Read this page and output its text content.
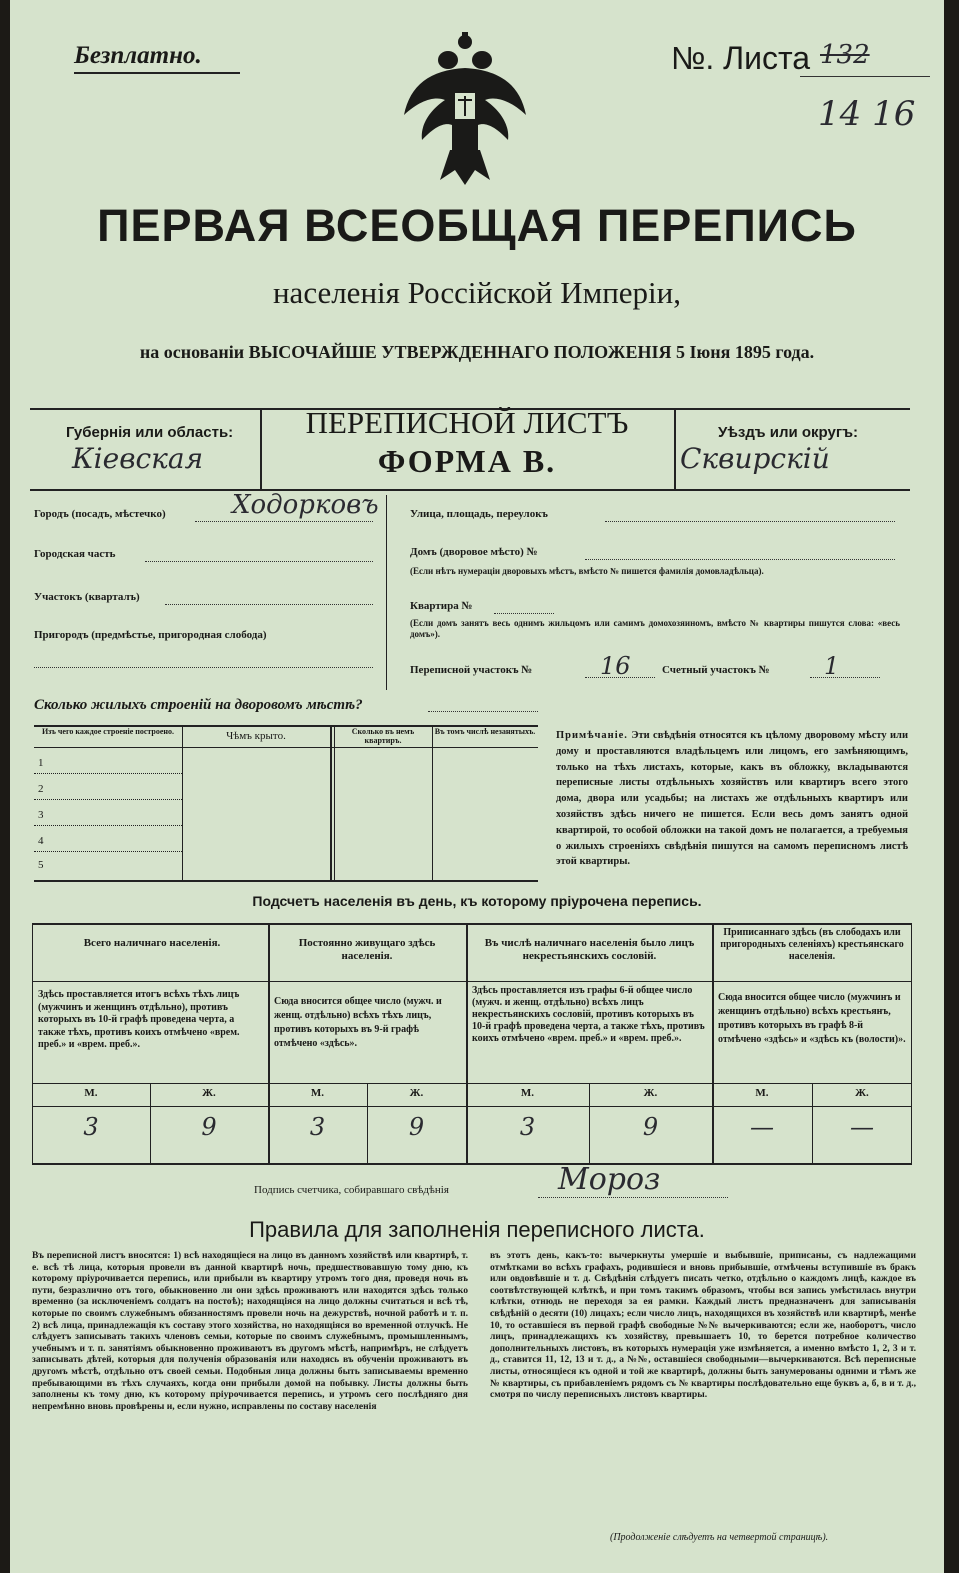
Безплатно.	№. Листа 132
14 16
ПЕРВАЯ ВСЕОБЩАЯ ПЕРЕПИСЬ
населенія Россійской Имперіи,
на основаніи ВЫСОЧАЙШЕ УТВЕРЖДЕННАГО ПОЛОЖЕНІЯ 5 Іюня 1895 года.
Губернія или область:
Кіевская
ПЕРЕПИСНОЙ ЛИСТЪ
ФОРМА В.
Уѣздъ или округъ:
Сквирскій
Городъ (посадъ, мѣстечко)	Ходорковъ
Городская часть
Участокъ (кварталъ)
Пригородъ (предмѣстье, пригородная слобода)
Улица, площадь, переулокъ
Домъ (дворовое мѣсто) №
(Если нѣтъ нумераціи дворовыхъ мѣстъ, вмѣсто № пишется фамилія домовладѣльца).
Квартира №
(Если домъ занятъ весь однимъ жильцомъ или самимъ домохозяиномъ, вмѣсто № квартиры пишутся слова: «весь домъ»).
Переписной участокъ №	16	Счетный участокъ № 1
Сколько жилыхъ строеній на дворовомъ мѣстѣ?
Изъ чего каждое строеніе построено.	Чѣмъ крыто.	Сколько въ немъ квартиръ.
Въ томъ числѣ незанятыхъ.
1
2
3
4
5
Примѣчаніе. Эти свѣдѣнія относятся къ цѣлому дворовому мѣсту или дому и проставляются владѣльцемъ или лицомъ, его замѣняющимъ, только на тѣхъ листахъ, которые, какъ въ обложку, вкладываются переписные листы отдѣльныхъ хозяйствъ или квартиръ всего этого дома, двора или усадьбы; на листахъ же отдѣльныхъ квартиръ или хозяйствъ здѣсь ничего не пишется. Если весь домъ занятъ одной квартирой, то особой обложки на такой домъ не полагается, а требуемыя о жилыхъ строеніяхъ свѣдѣнія пишутся на самомъ переписномъ листѣ этой квартиры.
Подсчетъ населенія въ день, къ которому пріурочена перепись.
Всего наличнаго населенія.	Постоянно живущаго здѣсь населенія.
Въ числѣ наличнаго населенія было лицъ некрестьянскихъ сословій.
Приписаннаго здѣсь (въ слободахъ или пригородныхъ селеніяхъ) крестьянскаго населенія.
Здѣсь проставляется итогъ всѣхъ тѣхъ лицъ (мужчинъ и женщинъ отдѣльно), противъ которыхъ въ 10-й графѣ проведена черта, а также тѣхъ, противъ коихъ отмѣчено «врем. преб.» и «врем. преб.».
Сюда вносится общее число (мужч. и женщ. отдѣльно) всѣхъ тѣхъ лицъ, противъ которыхъ въ 9-й графѣ отмѣчено «здѣсь».
Здѣсь проставляется изъ графы 6-й общее число (мужч. и женщ. отдѣльно) всѣхъ лицъ некрестьянскихъ сословій, противъ которыхъ въ 10-й графѣ проведена черта, а также тѣхъ, противъ коихъ отмѣчено «врем. преб.» и «врем. преб.».
Сюда вносится общее число (мужчинъ и женщинъ отдѣльно) всѣхъ крестьянъ, противъ которыхъ въ графѣ 8-й отмѣчено «здѣсь» и «здѣсь къ (волости)».
М.	Ж.	М.	Ж.	М.	Ж.	М.	Ж.
3	9	3	9	3	9	—	—
Подпись счетчика, собиравшаго свѣдѣнія	Мороз
Правила для заполненія переписного листа.
Въ переписной листъ вносятся: 1) всѣ находящіеся на лицо въ данномъ хозяйствѣ или квартирѣ, т. е. всѣ тѣ лица, которыя провели въ данной квартирѣ ночь, предшествовавшую тому дню, къ которому пріурочивается перепись, или прибыли въ квартиру утромъ того дня, проведя ночь въ пути, безразлично отъ того, обыкновенно ли они здѣсь проживаютъ или находятся здѣсь только временно (за исключеніемъ солдатъ на постоѣ); находящіяся на лицо должны считаться и всѣ тѣ, которые по своимъ служебнымъ обязанностямъ провели ночь на дежурствѣ, ночной работѣ и т. п. 2) всѣ лица, принадлежащія къ составу этого хозяйства, но находящіяся во временной отлучкѣ. Не слѣдуетъ записывать такихъ членовъ семьи, которые по своимъ служебнымъ, промышленнымъ, учебнымъ и т. п. занятіямъ обыкновенно проживаютъ въ другомъ мѣстѣ, напримѣръ, не слѣдуетъ записывать дѣтей, которыя для полученія образованія или находясь въ обученіи проживаютъ въ другомъ мѣстѣ, отдѣльно отъ своей семьи. Подобныя лица должны быть записываемы временно пребывающими въ тѣхъ случаяхъ, когда они прибыли домой на побывку. Листы должны быть заполнены къ тому дню, къ которому пріурочивается перепись, и утромъ сего послѣдняго дня непремѣнно вновь провѣрены и, если нужно, исправлены по составу населенія
въ этотъ день, какъ-то: вычеркнуты умершіе и выбывшіе, приписаны, съ надлежащими отмѣтками во всѣхъ графахъ, родившіеся и вновь прибывшіе, отмѣчены вступившіе въ бракъ или овдовѣвшіе и т. д. Свѣдѣнія слѣдуетъ писать четко, отдѣльно о каждомъ лицѣ, каждое въ соотвѣтствующей клѣткѣ, и при томъ такимъ образомъ, чтобы вся запись умѣстилась внутри клѣтки, отнюдь не переходя за ея рамки. Каждый листъ предназначенъ для записыванія свѣдѣній о десяти (10) лицахъ; если число лицъ, находящихся въ хозяйствѣ или квартирѣ, менѣе 10, то оставшіеся въ первой графѣ свободные №№ вычеркиваются; если же, наоборотъ, число лицъ, принадлежащихъ къ хозяйству, превышаетъ 10, то берется потребное количество дополнительныхъ листовъ, въ которыхъ нумерація уже измѣняется, а именно вмѣсто 1, 2, 3 и т. д., ставится 11, 12, 13 и т. д., а №№, оставшіеся свободными—вычеркиваются. Всѣ переписные листы, относящіеся къ одной и той же квартирѣ, должны быть занумерованы одними и тѣмъ же № квартиры, съ прибавленіемъ рядомъ съ № квартиры послѣдовательно еще буквъ а, б, в и т. д., смотря по числу переписныхъ листовъ квартиры.
(Продолженіе слѣдуетъ на четвертой страницѣ).
